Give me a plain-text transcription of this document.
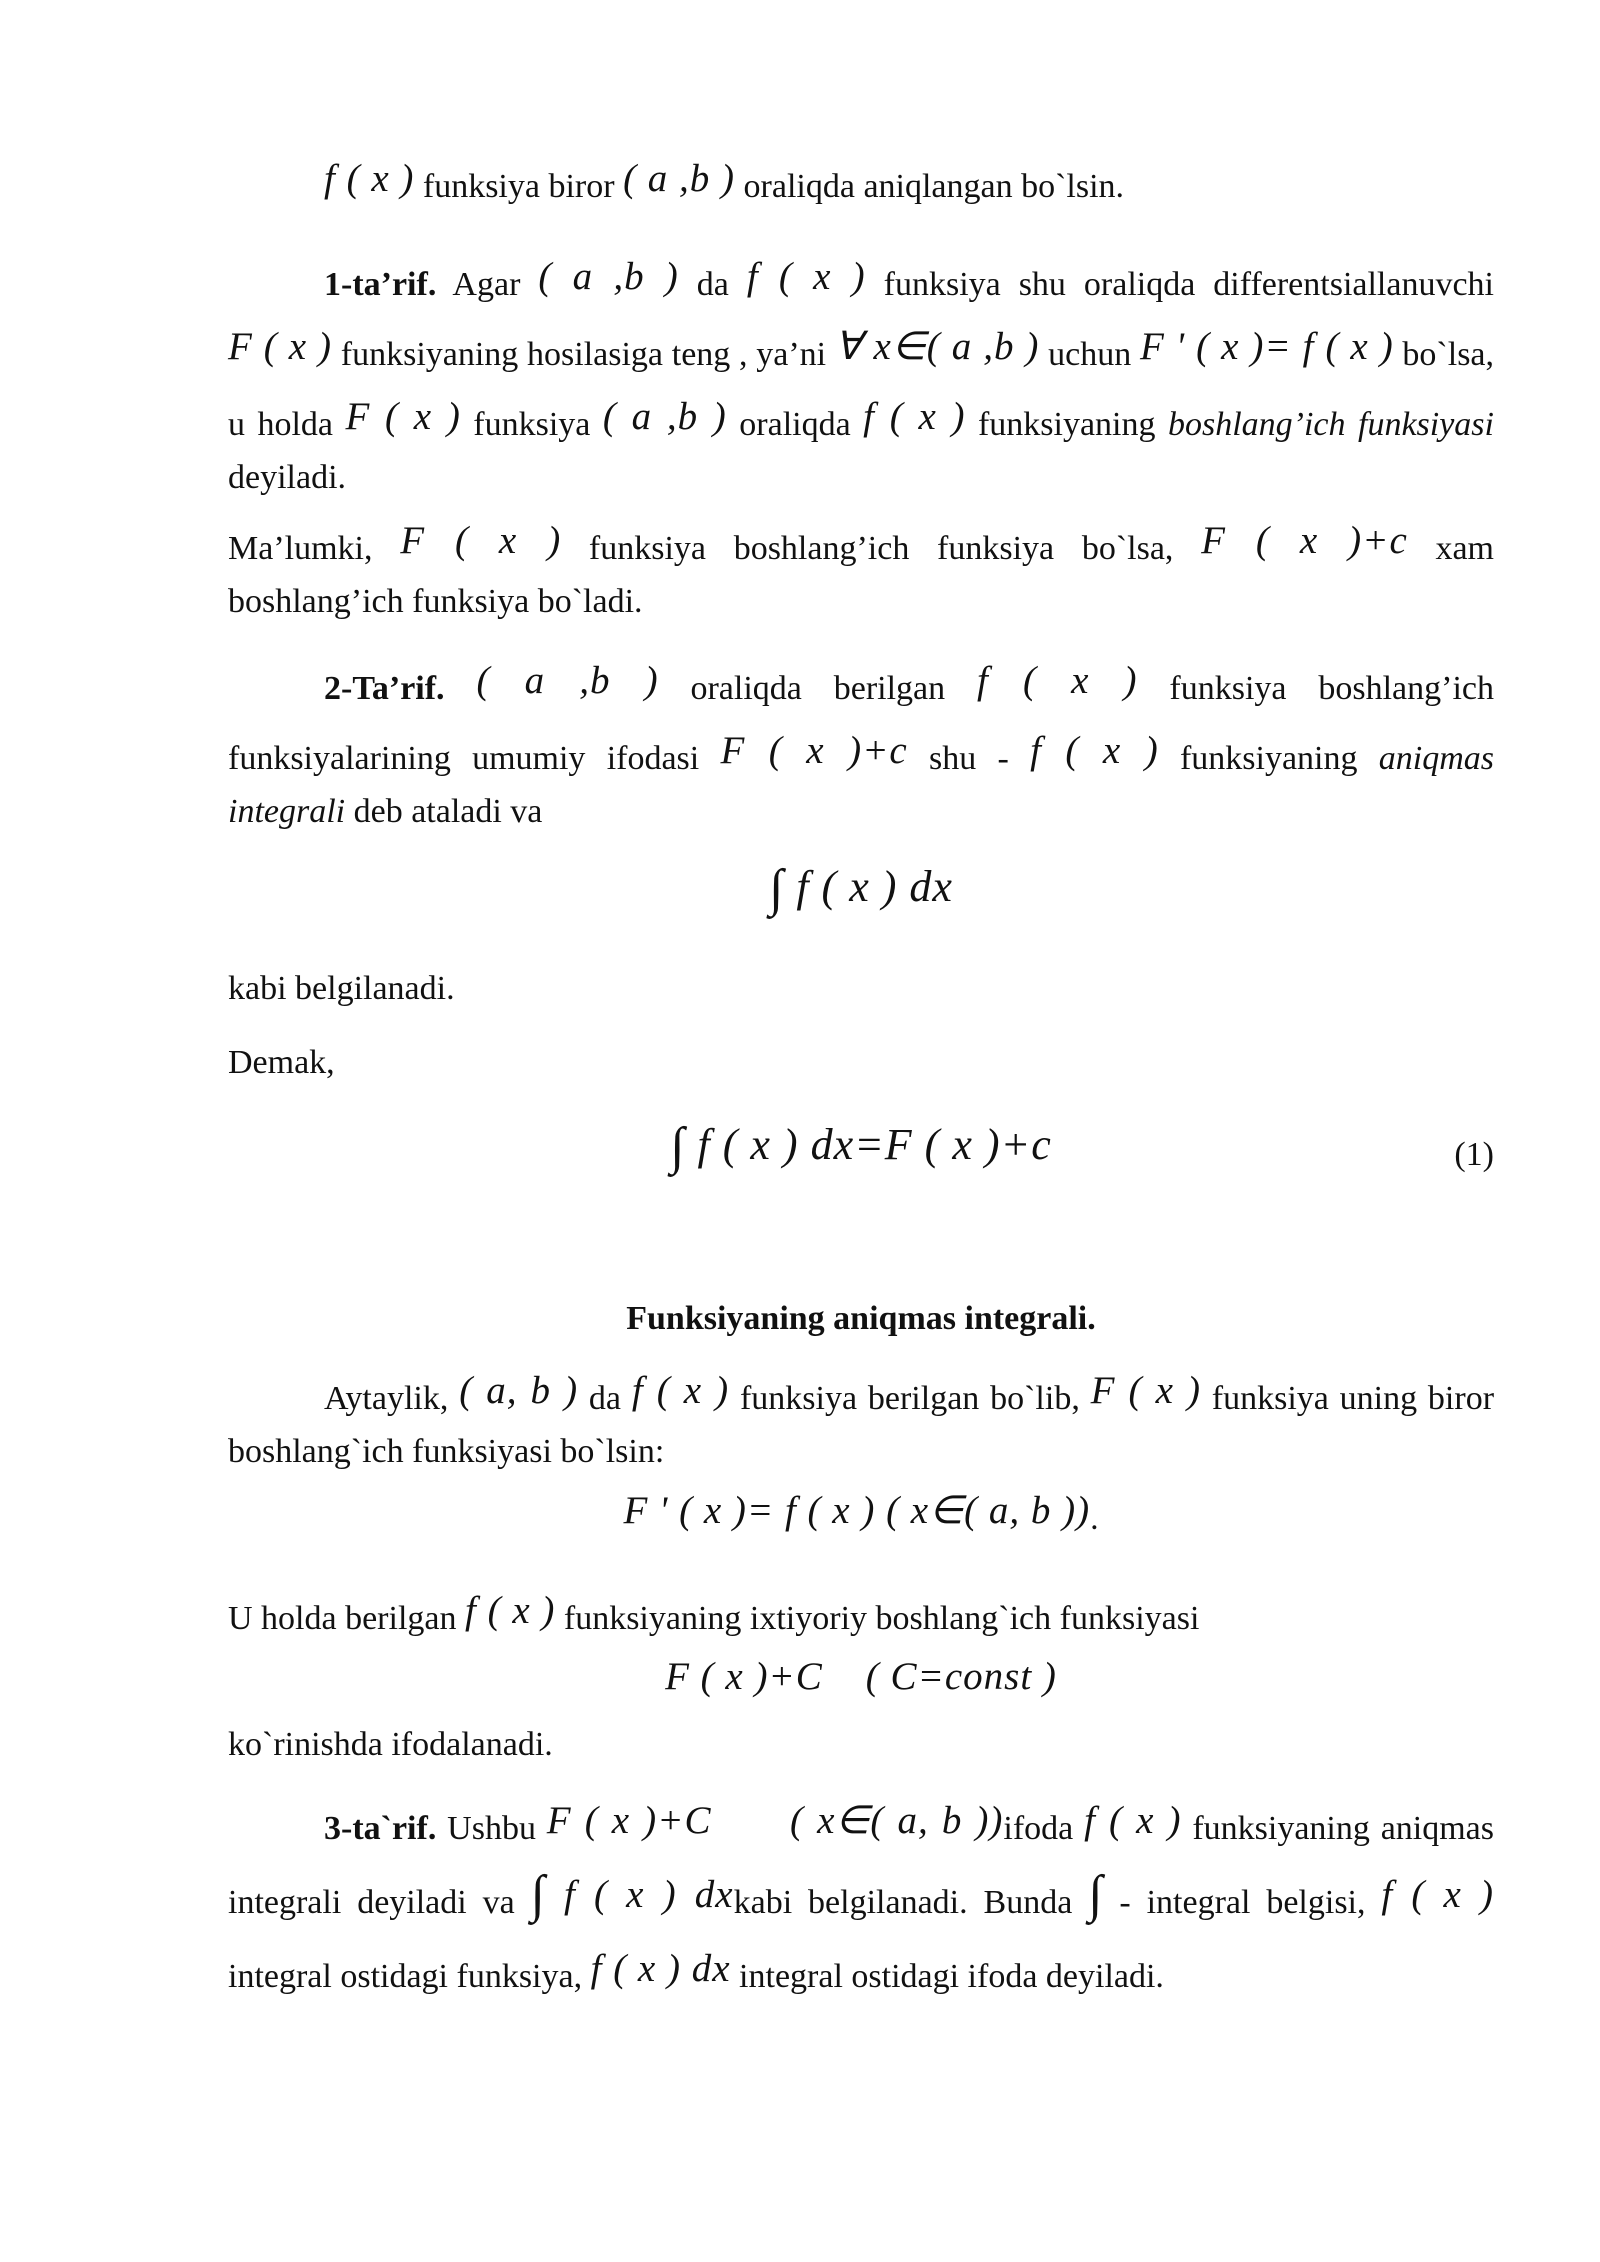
f ( x ) funksiya biror ( a ,b ) oraliqda aniqlangan bo`lsin.

1-ta’rif. Agar ( a ,b ) da f ( x ) funksiya shu oraliqda differentsiallanuvchi
F ( x ) funksiyaning hosilasiga teng , ya’ni ∀ x∈( a ,b ) uchun F ' ( x )= f ( x ) bo`lsa,
u holda F ( x ) funksiya ( a ,b ) oraliqda f ( x ) funksiyaning boshlang’ich funksiyasi
deyiladi.
Ma’lumki, F ( x ) funksiya boshlang’ich funksiya bo`lsa, F ( x )+c xam
boshlang’ich funksiya bo`ladi.
2-Ta’rif. ( a ,b ) oraliqda berilgan f ( x ) funksiya boshlang’ich
funksiyalarining umumiy ifodasi F ( x )+c shu - f ( x ) funksiyaning aniqmas
integrali deb ataladi va
∫ f ( x ) dx

kabi belgilanadi.

Demak,

∫ f ( x ) dx=F ( x )+c	(1)

Funksiyaning aniqmas integrali.

Aytaylik, ( a, b ) da f ( x ) funksiya berilgan bo`lib, F ( x ) funksiya uning biror
boshlang`ich funksiyasi bo`lsin:
F ' ( x )= f ( x ) ( x∈( a, b )).

U holda berilgan f ( x ) funksiyaning ixtiyoriy boshlang`ich funksiyasi

F ( x )+C    ( C=const )

ko`rinishda ifodalanadi.

3-ta`rif. Ushbu F ( x )+C      ( x∈( a, b ))ifoda f ( x ) funksiyaning aniqmas
integrali deyiladi va ∫ f ( x ) dxkabi belgilanadi. Bunda ∫ - integral belgisi, f ( x )
integral ostidagi funksiya, f ( x ) dx integral ostidagi ifoda deyiladi.
